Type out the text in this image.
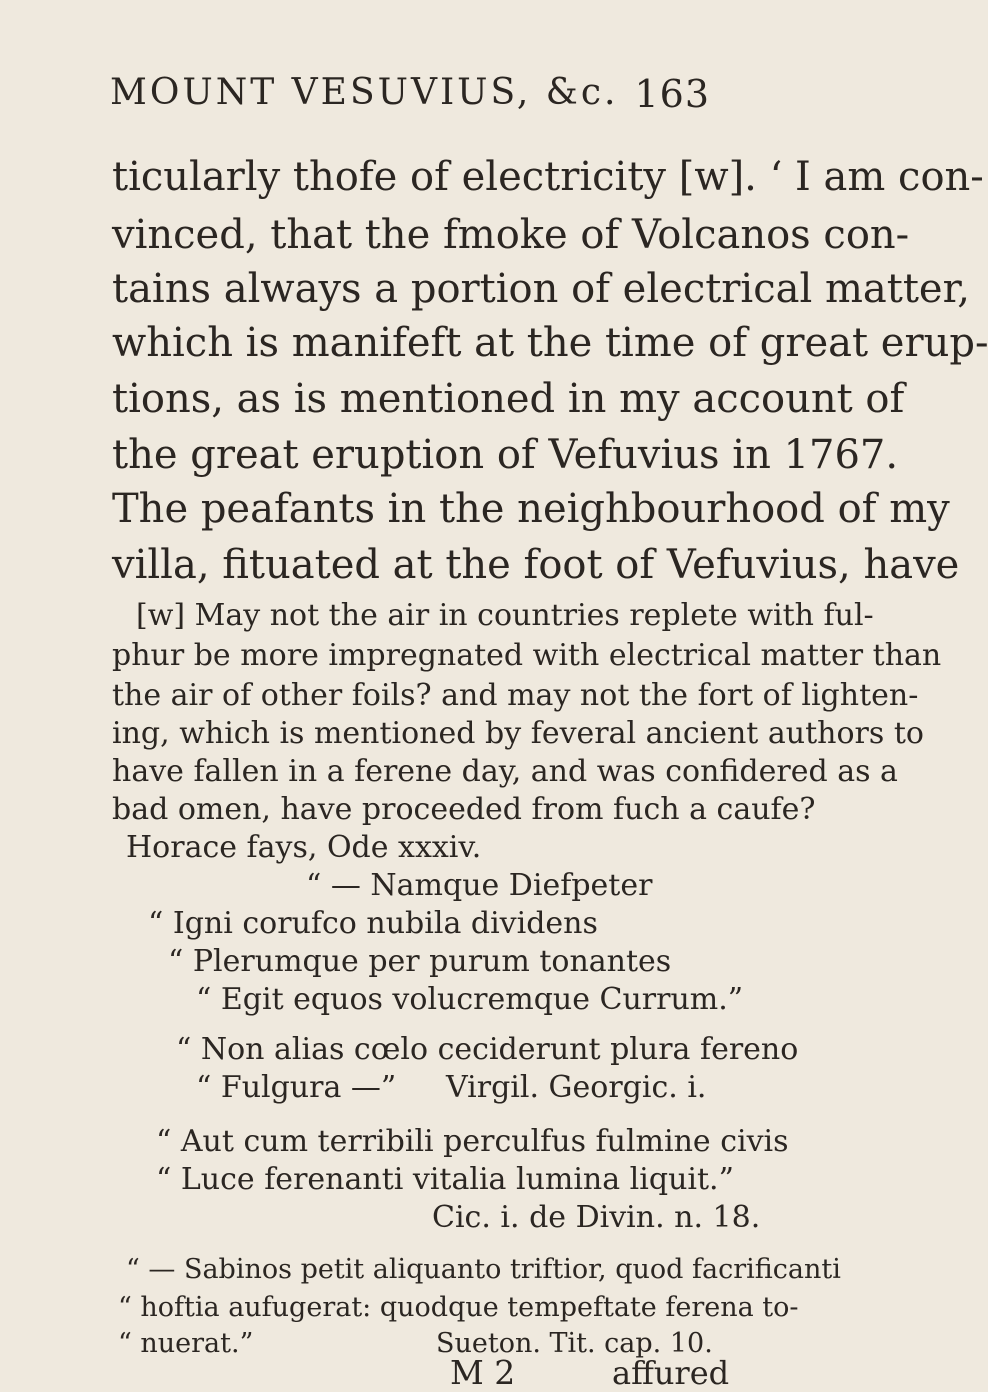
MOUNT VESUVIUS, &c. 163
ticularly thofe of electricity [w]. ‘ I am con-
vinced, that the fmoke of Volcanos con-
tains always a portion of electrical matter,
which is manifeft at the time of great erup-
tions, as is mentioned in my account of
the great eruption of Vefuvius in 1767.
The peafants in the neighbourhood of my
villa, fituated at the foot of Vefuvius, have
[w] May not the air in countries replete with ful-
phur be more impregnated with electrical matter than
the air of other foils? and may not the fort of lighten-
ing, which is mentioned by feveral ancient authors to
have fallen in a ferene day, and was confidered as a
bad omen, have proceeded from fuch a caufe?
Horace fays, Ode xxxiv.
“ — Namque Diefpeter
“ Igni corufco nubila dividens
“ Plerumque per purum tonantes
“ Egit equos volucremque Currum.”
“ Non alias cœlo ceciderunt plura fereno
“ Fulgura —” Virgil. Georgic. i.
“ Aut cum terribili perculfus fulmine civis
“ Luce ferenanti vitalia lumina liquit.”
Cic. i. de Divin. n. 18.
“ — Sabinos petit aliquanto triftior, quod facrificanti
“ hoftia aufugerat: quodque tempeftate ferena to-
“ nuerat.”	Sueton. Tit. cap. 10.
M 2	affured
